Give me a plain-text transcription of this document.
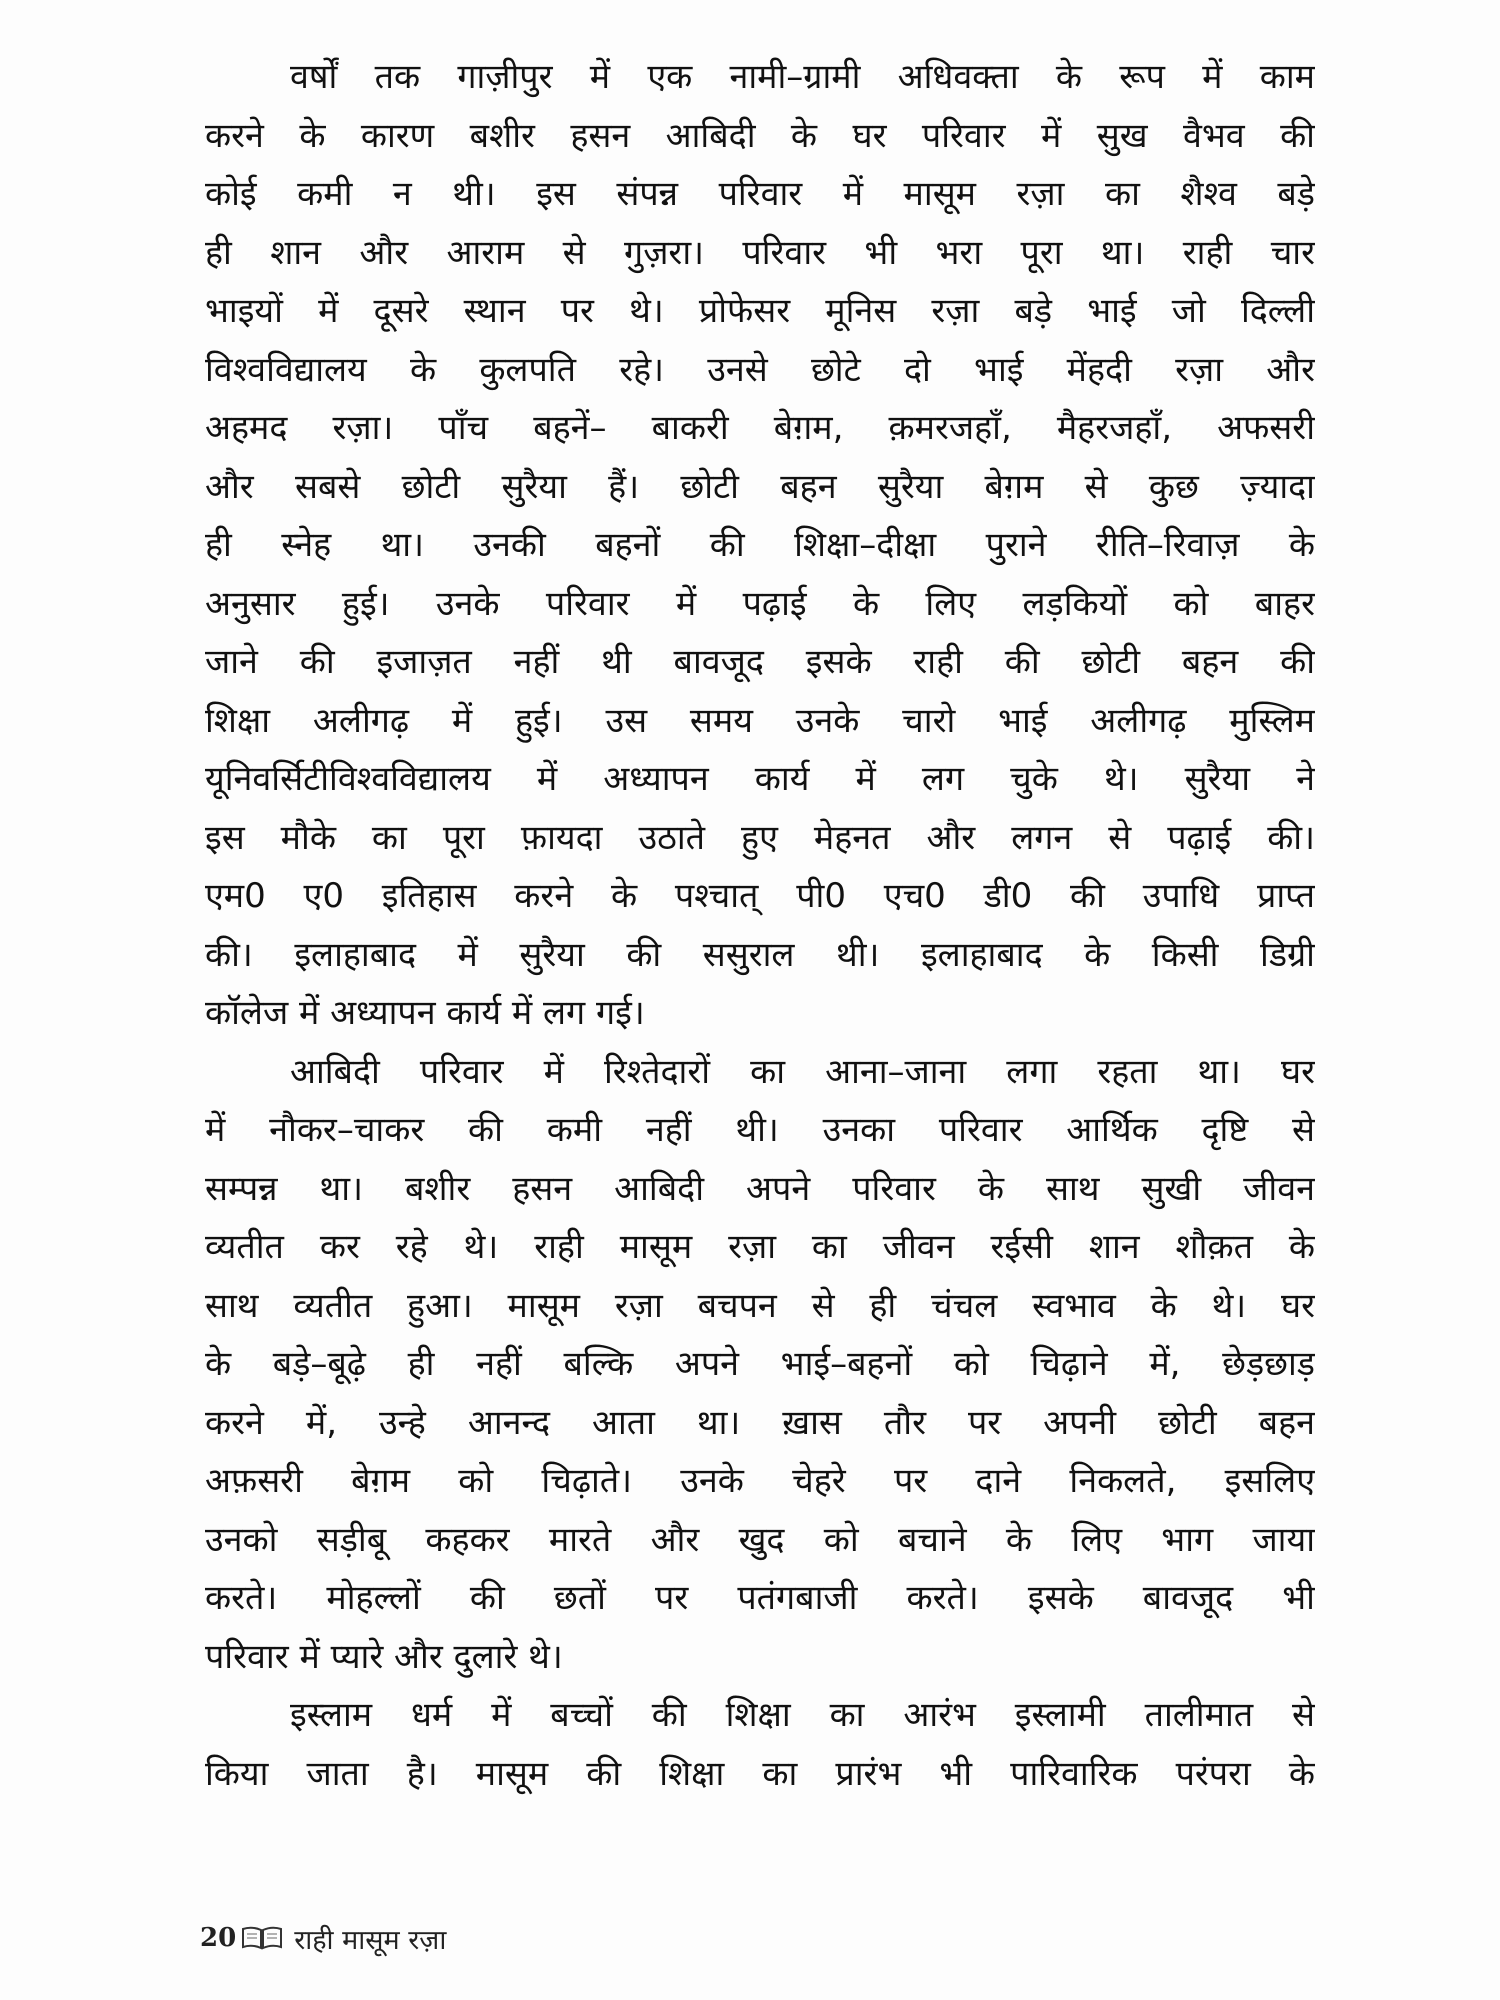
वर्षों तक गाज़ीपुर में एक नामी–ग्रामी अधिवक्ता के रूप में काम
करने के कारण बशीर हसन आबिदी के घर परिवार में सुख वैभव की
कोई कमी न थी। इस संपन्न परिवार में मासूम रज़ा का शैश्व बड़े
ही शान और आराम से गुज़रा। परिवार भी भरा पूरा था। राही चार
भाइयों में दूसरे स्थान पर थे। प्रोफेसर मूनिस रज़ा बड़े भाई जो दिल्ली
विश्वविद्यालय के कुलपति रहे। उनसे छोटे दो भाई मेंहदी रज़ा और
अहमद रज़ा। पाँच बहनें– बाकरी बेग़म, क़मरजहाँ, मैहरजहाँ, अफसरी
और सबसे छोटी सुरैया हैं। छोटी बहन सुरैया बेग़म से कुछ ज़्यादा
ही स्नेह था। उनकी बहनों की शिक्षा–दीक्षा पुराने रीति–रिवाज़ के
अनुसार हुई। उनके परिवार में पढ़ाई के लिए लड़कियों को बाहर
जाने की इजाज़त नहीं थी बावजूद इसके राही की छोटी बहन की
शिक्षा अलीगढ़ में हुई। उस समय उनके चारो भाई अलीगढ़ मुस्लिम
यूनिवर्सिटीविश्वविद्यालय में अध्यापन कार्य में लग चुके थे। सुरैया ने
इस मौके का पूरा फ़ायदा उठाते हुए मेहनत और लगन से पढ़ाई की।
एम0 ए0 इतिहास करने के पश्चात् पी0 एच0 डी0 की उपाधि प्राप्त
की। इलाहाबाद में सुरैया की ससुराल थी। इलाहाबाद के किसी डिग्री
कॉलेज में अध्यापन कार्य में लग गई।
आबिदी परिवार में रिश्तेदारों का आना–जाना लगा रहता था। घर
में नौकर–चाकर की कमी नहीं थी। उनका परिवार आर्थिक दृष्टि से
सम्पन्न था। बशीर हसन आबिदी अपने परिवार के साथ सुखी जीवन
व्यतीत कर रहे थे। राही मासूम रज़ा का जीवन रईसी शान शौक़त के
साथ व्यतीत हुआ। मासूम रज़ा बचपन से ही चंचल स्वभाव के थे। घर
के बड़े–बूढ़े ही नहीं बल्कि अपने भाई–बहनों को चिढ़ाने में, छेड़छाड़
करने में, उन्हे आनन्द आता था। ख़ास तौर पर अपनी छोटी बहन
अफ़सरी बेग़म को चिढ़ाते। उनके चेहरे पर दाने निकलते, इसलिए
उनको सड़ीबू कहकर मारते और खुद को बचाने के लिए भाग जाया
करते। मोहल्लों की छतों पर पतंगबाजी करते। इसके बावजूद भी
परिवार में प्यारे और दुलारे थे।
इस्लाम धर्म में बच्चों की शिक्षा का आरंभ इस्लामी तालीमात से
किया जाता है। मासूम की शिक्षा का प्रारंभ भी पारिवारिक परंपरा के
20 राही मासूम रज़ा
